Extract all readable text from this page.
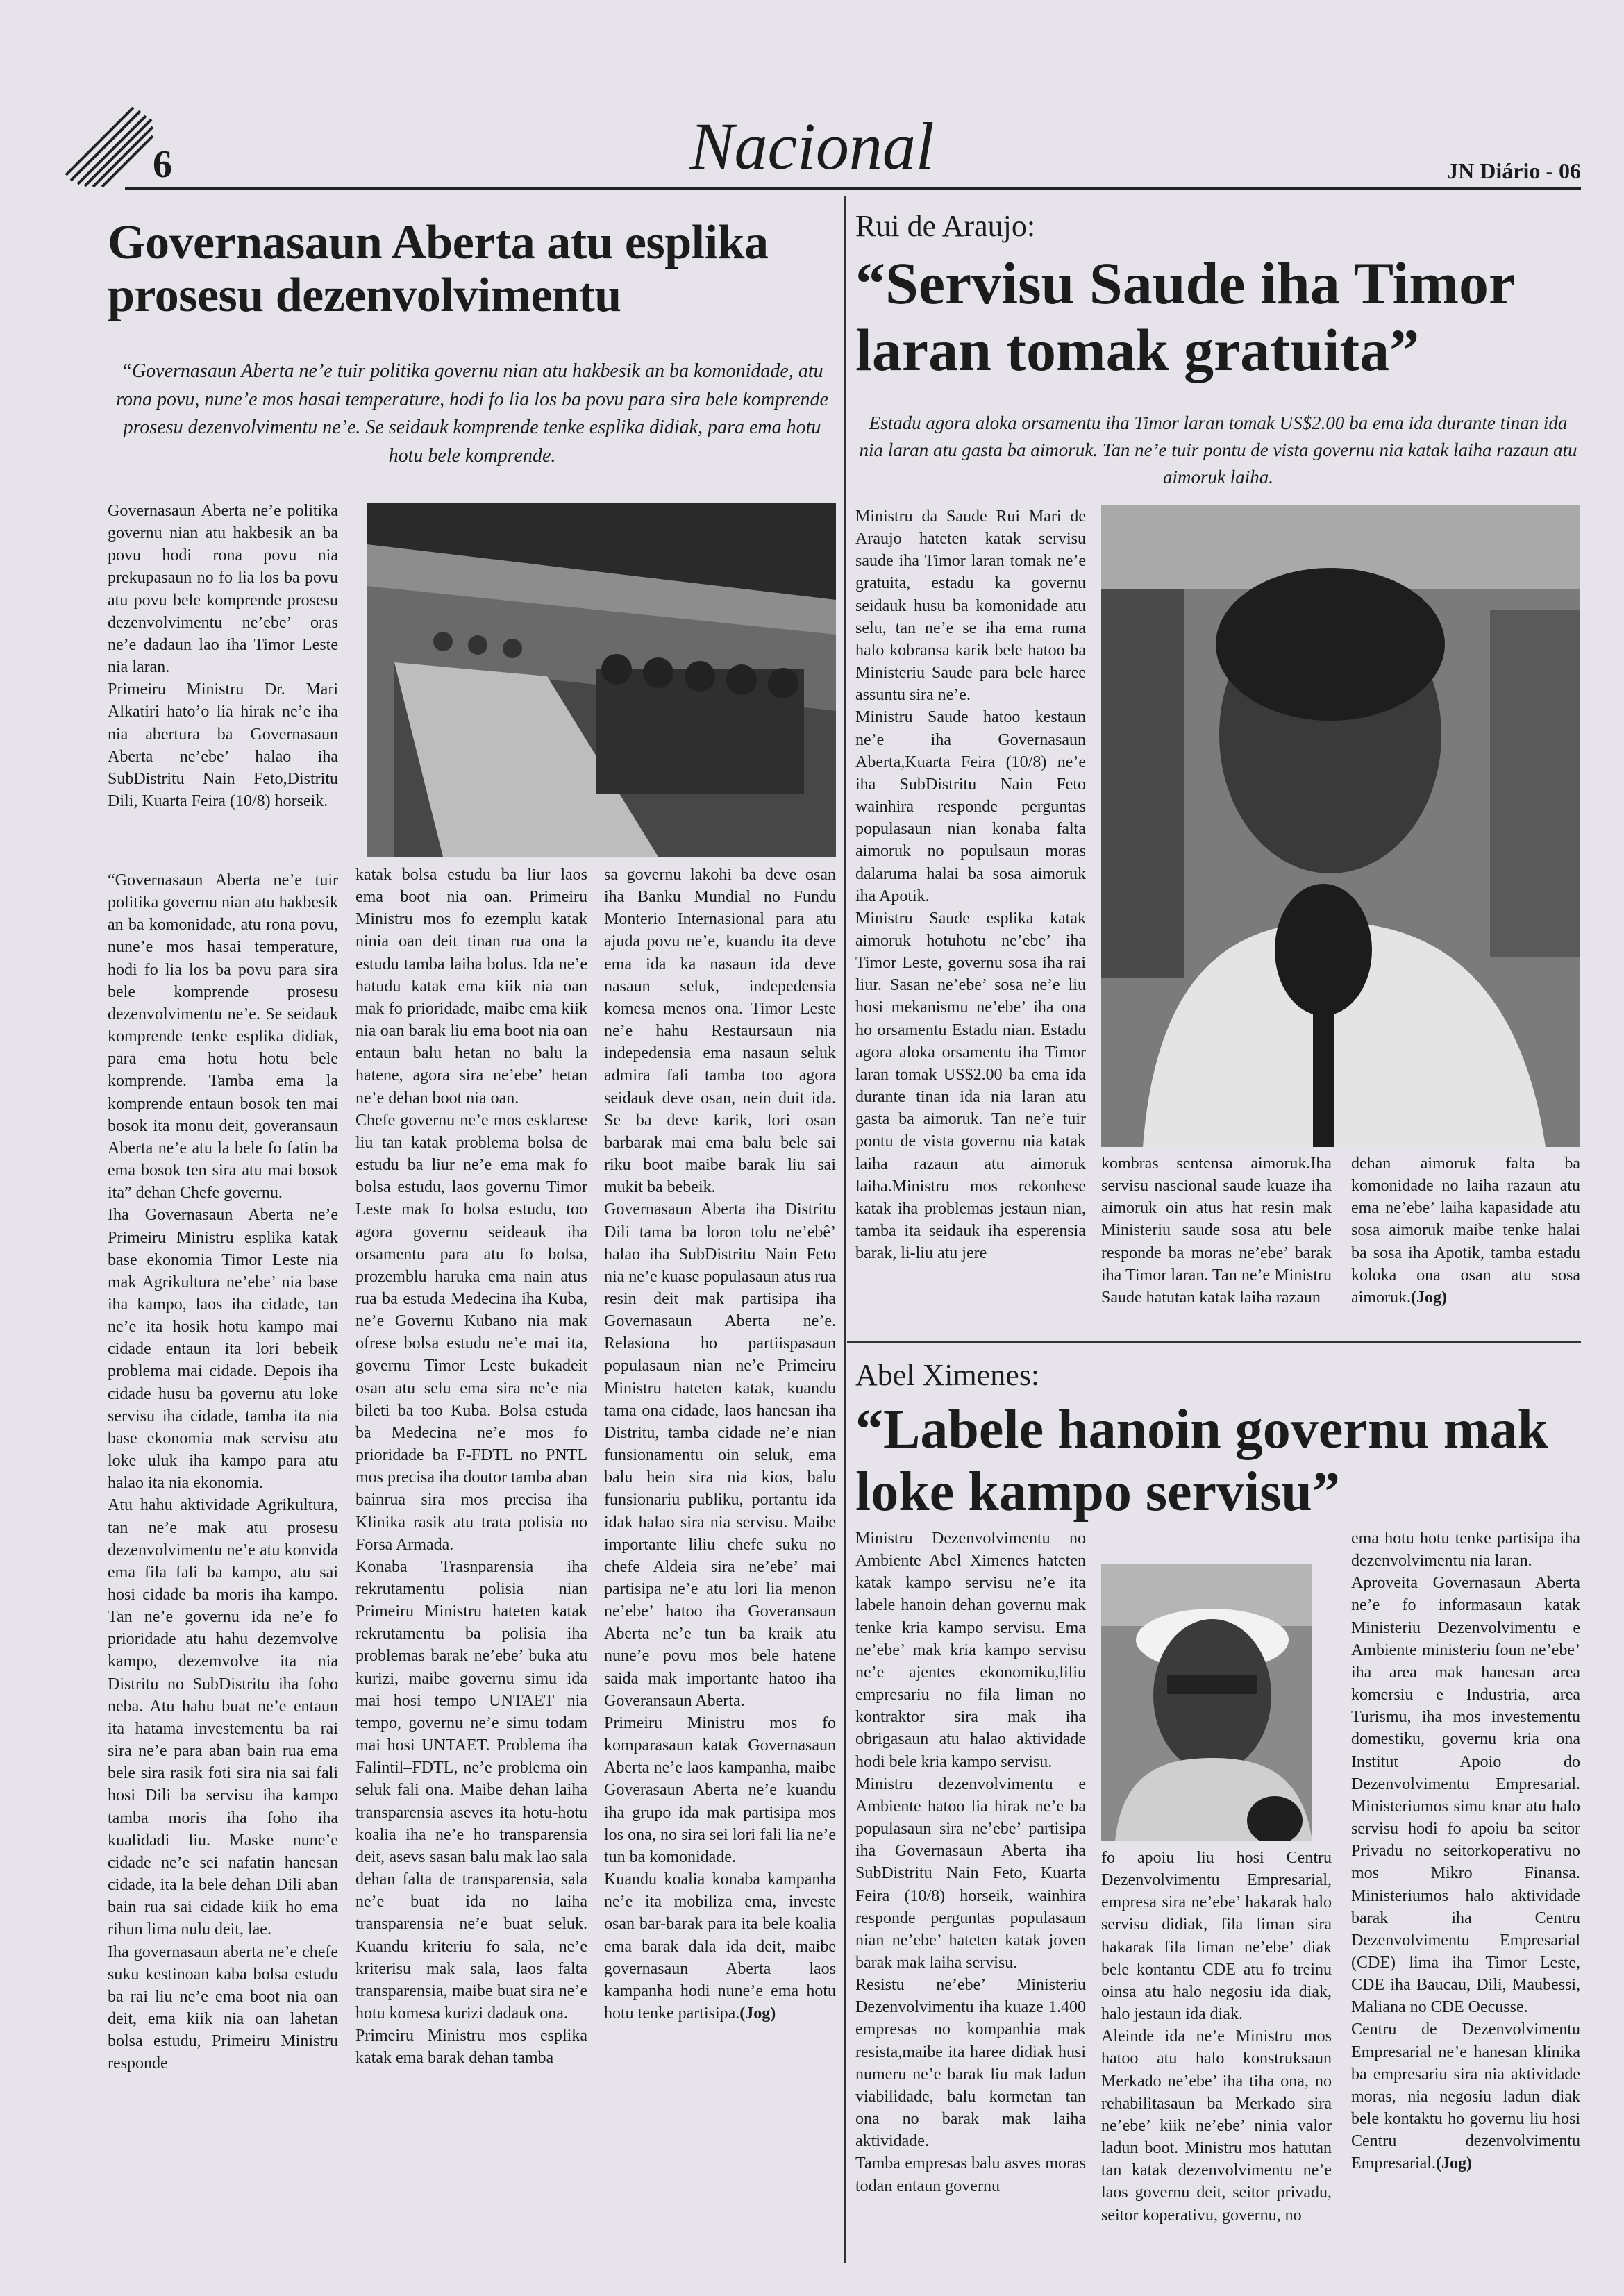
6	Nacional	JN Diário - 06
Governasaun Aberta atu esplika prosesu dezenvolvimentu
“Governasaun Aberta ne’e tuir politika governu nian atu hakbesik an ba komonidade, atu rona povu, nune’e mos hasai temperature, hodi fo lia los ba povu para sira bele komprende prosesu dezenvolvimentu ne’e. Se seidauk komprende tenke esplika didiak, para ema hotu hotu bele komprende.

Governasaun Aberta ne’e politika governu nian atu hakbesik an ba povu hodi rona povu nia prekupasaun no fo lia los ba povu atu povu bele komprende prosesu dezenvolvimentu ne’ebe’ oras ne’e dadaun lao iha Timor Leste nia laran.

Primeiru Ministru Dr. Mari Alkatiri hato’o lia hirak ne’e iha nia abertura ba Governasaun Aberta ne’ebe’ halao iha SubDistritu Nain Feto,Distritu Dili, Kuarta Feira (10/8) horseik.

“Governasaun Aberta ne’e tuir politika governu nian atu hakbesik an ba komonidade, atu rona povu, nune’e mos hasai temperature, hodi fo lia los ba povu para sira bele komprende prosesu dezenvolvimentu ne’e. Se seidauk komprende tenke esplika didiak, para ema hotu hotu bele komprende. Tamba ema la komprende entaun bosok ten mai bosok ita monu deit, goveransaun Aberta ne’e atu la bele fo fatin ba ema bosok ten sira atu mai bosok ita” dehan Chefe governu.

Iha Governasaun Aberta ne’e Primeiru Ministru esplika katak base ekonomia Timor Leste nia mak Agrikultura ne’ebe’ nia base iha kampo, laos iha cidade, tan ne’e ita hosik hotu kampo mai cidade entaun ita lori bebeik problema mai cidade. Depois iha cidade husu ba governu atu loke servisu iha cidade, tamba ita nia base ekonomia mak servisu atu loke uluk iha kampo para atu halao ita nia ekonomia.

Atu hahu aktividade Agrikultura, tan ne’e mak atu prosesu dezenvolvimentu ne’e atu konvida ema fila fali ba kampo, atu sai hosi cidade ba moris iha kampo. Tan ne’e governu ida ne’e fo prioridade atu hahu dezemvolve kampo, dezemvolve ita nia Distritu no SubDistritu iha foho neba. Atu hahu buat ne’e entaun ita hatama investementu ba rai sira ne’e para aban bain rua ema bele sira rasik foti sira nia sai fali hosi Dili ba servisu iha kampo tamba moris iha foho iha kualidadi liu. Maske nune’e cidade ne’e sei nafatin hanesan cidade, ita la bele dehan Dili aban bain rua sai cidade kiik ho ema rihun lima nulu deit, lae.

Iha governasaun aberta ne’e chefe suku kestinoan kaba bolsa estudu ba rai liu ne’e ema boot nia oan deit, ema kiik nia oan lahetan bolsa estudu, Primeiru Ministru responde

katak bolsa estudu ba liur laos ema boot nia oan. Primeiru Ministru mos fo ezemplu katak ninia oan deit tinan rua ona la estudu tamba laiha bolus. Ida ne’e hatudu katak ema kiik nia oan mak fo prioridade, maibe ema kiik nia oan barak liu ema boot nia oan entaun balu hetan no balu la hatene, agora sira ne’ebe’ hetan ne’e dehan boot nia oan.

Chefe governu ne’e mos esklarese liu tan katak problema bolsa de estudu ba liur ne’e ema mak fo bolsa estudu, laos governu Timor Leste mak fo bolsa estudu, too agora governu seideauk iha orsamentu para atu fo bolsa, prozemblu haruka ema nain atus rua ba estuda Medecina iha Kuba, ne’e Governu Kubano nia mak ofrese bolsa estudu ne’e mai ita, governu Timor Leste bukadeit osan atu selu ema sira ne’e nia bileti ba too Kuba. Bolsa estuda ba Medecina ne’e mos fo prioridade ba F-FDTL no PNTL mos precisa iha doutor tamba aban bainrua sira mos precisa iha Klinika rasik atu trata polisia no Forsa Armada.

Konaba Trasnparensia iha rekrutamentu polisia nian Primeiru Ministru hateten katak rekrutamentu ba polisia iha problemas barak ne’ebe’ buka atu kurizi, maibe governu simu ida mai hosi tempo UNTAET nia tempo, governu ne’e simu todam mai hosi UNTAET. Problema iha Falintil–FDTL, ne’e problema oin seluk fali ona. Maibe dehan laiha transparensia aseves ita hotu-hotu koalia iha ne’e ho transparensia deit, asevs sasan balu mak lao sala dehan falta de transparensia, sala ne’e buat ida no laiha transparensia ne’e buat seluk. Kuandu kriteriu fo sala, ne’e kriterisu mak sala, laos falta transparensia, maibe buat sira ne’e hotu komesa kurizi dadauk ona.

Primeiru Ministru mos esplika katak ema barak dehan tamba

sa governu lakohi ba deve osan iha Banku Mundial no Fundu Monterio Internasional para atu ajuda povu ne’e, kuandu ita deve ema ida ka nasaun ida deve nasaun seluk, indepedensia komesa menos ona. Timor Leste ne’e hahu Restaursaun nia indepedensia ema nasaun seluk admira fali tamba too agora seidauk deve osan, nein duit ida. Se ba deve karik, lori osan barbarak mai ema balu bele sai riku boot maibe barak liu sai mukit ba bebeik.

Governasaun Aberta iha Distritu Dili tama ba loron tolu ne’ebê’ halao iha SubDistritu Nain Feto nia ne’e kuase populasaun atus rua resin deit mak partisipa iha Governasaun Aberta ne’e. Relasiona ho partiispasaun populasaun nian ne’e Primeiru Ministru hateten katak, kuandu tama ona cidade, laos hanesan iha Distritu, tamba cidade ne’e nian funsionamentu oin seluk, ema balu hein sira nia kios, balu funsionariu publiku, portantu ida idak halao sira nia servisu. Maibe importante liliu chefe suku no chefe Aldeia sira ne’ebe’ mai partisipa ne’e atu lori lia menon ne’ebe’ hatoo iha Goveransaun Aberta ne’e tun ba kraik atu nune’e povu mos bele hatene saida mak importante hatoo iha Goveransaun Aberta.

Primeiru Ministru mos fo komparasaun katak Governasaun Aberta ne’e laos kampanha, maibe Goverasaun Aberta ne’e kuandu iha grupo ida mak partisipa mos los ona, no sira sei lori fali lia ne’e tun ba komonidade.

Kuandu koalia konaba kampanha ne’e ita mobiliza ema, investe osan bar-barak para ita bele koalia ema barak dala ida deit, maibe governasaun Aberta laos kampanha hodi nune’e ema hotu hotu tenke partisipa.(Jog)

Rui de Araujo:
“Servisu Saude iha Timor laran tomak gratuita”
Estadu agora aloka orsamentu iha Timor laran tomak US$2.00 ba ema ida durante tinan ida nia laran atu gasta ba aimoruk. Tan ne’e tuir pontu de vista governu nia katak laiha razaun atu aimoruk laiha.

Ministru da Saude Rui Mari de Araujo hateten katak servisu saude iha Timor laran tomak ne’e gratuita, estadu ka governu seidauk husu ba komonidade atu selu, tan ne’e se iha ema ruma halo kobransa karik bele hatoo ba Ministeriu Saude para bele haree assuntu sira ne’e.

Ministru Saude hatoo kestaun ne’e iha Governasaun Aberta,Kuarta Feira (10/8) ne’e iha SubDistritu Nain Feto wainhira responde perguntas populasaun nian konaba falta aimoruk no populsaun moras dalaruma halai ba sosa aimoruk iha Apotik.

Ministru Saude esplika katak aimoruk hotuhotu ne’ebe’ iha Timor Leste, governu sosa iha rai liur. Sasan ne’ebe’ sosa ne’e liu hosi mekanismu ne’ebe’ iha ona ho orsamentu Estadu nian. Estadu agora aloka orsamentu iha Timor laran tomak US$2.00 ba ema ida durante tinan ida nia laran atu gasta ba aimoruk. Tan ne’e tuir pontu de vista governu nia katak laiha razaun atu aimoruk laiha.Ministru mos rekonhese katak iha problemas jestaun nian, tamba ita seidauk iha esperensia barak, li-liu atu jere

kombras sentensa aimoruk.Iha servisu nascional saude kuaze iha aimoruk oin atus hat resin mak Ministeriu saude sosa atu bele responde ba moras ne’ebe’ barak iha Timor laran. Tan ne’e Ministru Saude hatutan katak laiha razaun

dehan aimoruk falta ba komonidade no laiha razaun atu ema ne’ebe’ laiha kapasidade atu sosa aimoruk maibe tenke halai ba sosa iha Apotik, tamba estadu koloka ona osan atu sosa aimoruk.(Jog)

Abel Ximenes:
“Labele hanoin governu mak loke kampo servisu”

Ministru Dezenvolvimentu no Ambiente Abel Ximenes hateten katak kampo servisu ne’e ita labele hanoin dehan governu mak tenke kria kampo servisu. Ema ne’ebe’ mak kria kampo servisu ne’e ajentes ekonomiku,liliu empresariu no fila liman no kontraktor sira mak iha obrigasaun atu halao aktividade hodi bele kria kampo servisu.

Ministru dezenvolvimentu e Ambiente hatoo lia hirak ne’e ba populasaun sira ne’ebe’ partisipa iha Governasaun Aberta iha SubDistritu Nain Feto, Kuarta Feira (10/8) horseik, wainhira responde perguntas populasaun nian ne’ebe’ hateten katak joven barak mak laiha servisu.

Resistu ne’ebe’ Ministeriu Dezenvolvimentu iha kuaze 1.400 empresas no kompanhia mak resista,maibe ita haree didiak husi numeru ne’e barak liu mak ladun viabilidade, balu kormetan tan ona no barak mak laiha aktividade.

Tamba empresas balu asves moras todan entaun governu

fo apoiu liu hosi Centru Dezenvolvimentu Empresarial, empresa sira ne’ebe’ hakarak halo servisu didiak, fila liman sira hakarak fila liman ne’ebe’ diak bele kontantu CDE atu fo treinu oinsa atu halo negosiu ida diak, halo jestaun ida diak.

Aleinde ida ne’e Ministru mos hatoo atu halo konstruksaun Merkado ne’ebe’ iha tiha ona, no rehabilitasaun ba Merkado sira ne’ebe’ kiik ne’ebe’ ninia valor ladun boot. Ministru mos hatutan tan katak dezenvolvimentu ne’e laos governu deit, seitor privadu, seitor koperativu, governu, no

ema hotu hotu tenke partisipa iha dezenvolvimentu nia laran.

Aproveita Governasaun Aberta ne’e fo informasaun katak Ministeriu Dezenvolvimentu e Ambiente ministeriu foun ne’ebe’ iha area mak hanesan area komersiu e Industria, area Turismu, iha mos investementu domestiku, governu kria ona Institut Apoio do Dezenvolvimentu Empresarial. Ministeriumos simu knar atu halo servisu hodi fo apoiu ba seitor Privadu no seitorkoperativu no mos Mikro Finansa. Ministeriumos halo aktividade barak iha Centru Dezenvolvimentu Empresarial (CDE) lima iha Timor Leste, CDE iha Baucau, Dili, Maubessi, Maliana no CDE Oecusse.

Centru de Dezenvolvimentu Empresarial ne’e hanesan klinika ba empresariu sira nia aktividade moras, nia negosiu ladun diak bele kontaktu ho governu liu hosi Centru dezenvolvimentu Empresarial.(Jog)
